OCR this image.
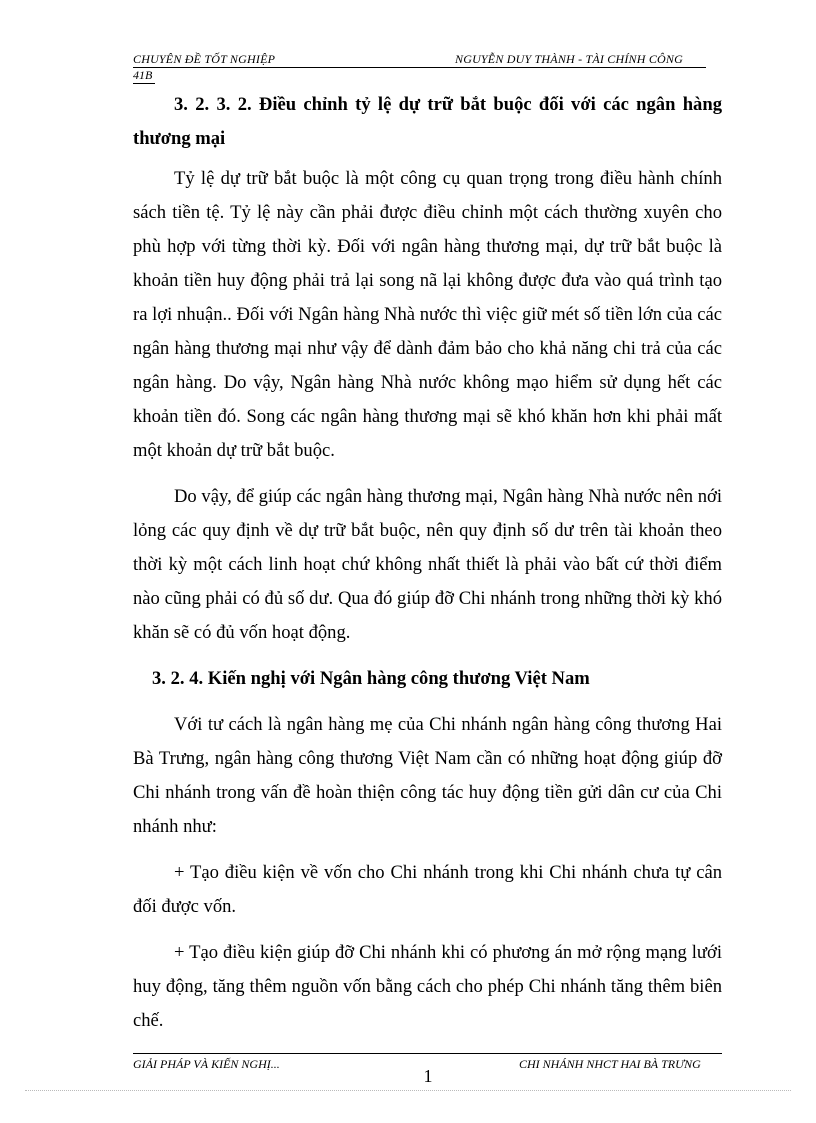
CHUYÊN ĐỀ TỐT NGHIỆP	NGUYỄN DUY THÀNH - TÀI CHÍNH CÔNG
41B

3. 2. 3. 2. Điều chỉnh tỷ lệ dự trữ bắt buộc đối với các ngân hàng thương mại

Tỷ lệ dự trữ bắt buộc là một công cụ quan trọng trong điều hành chính sách tiền tệ. Tỷ lệ này cần phải được điều chỉnh một cách thường xuyên cho phù hợp với từng thời kỳ. Đối với ngân hàng thương mại, dự trữ bắt buộc là khoản tiền huy động phải trả lại song nã lại không được đưa vào quá trình tạo ra lợi nhuận.. Đối với Ngân hàng Nhà nước thì việc giữ mét số tiền lớn của các ngân hàng thương mại như vậy để dành đảm bảo cho khả năng chi trả của các ngân hàng. Do vậy, Ngân hàng Nhà nước không mạo hiểm sử dụng hết các khoản tiền đó. Song các ngân hàng thương mại sẽ khó khăn hơn khi phải mất một khoản dự trữ bắt buộc.

Do vậy, để giúp các ngân hàng thương mại, Ngân hàng Nhà nước nên nới lỏng các quy định về dự trữ bắt buộc, nên quy định số dư trên tài khoản theo thời kỳ một cách linh hoạt chứ không nhất thiết là phải vào bất cứ thời điểm nào cũng phải có đủ số dư. Qua đó giúp đỡ Chi nhánh trong những thời kỳ khó khăn sẽ có đủ vốn hoạt động.

3. 2. 4. Kiến nghị với Ngân hàng công thương Việt Nam

Với tư cách là ngân hàng mẹ của Chi nhánh ngân hàng công thương Hai Bà Trưng, ngân hàng công thương Việt Nam cần có những hoạt động giúp đỡ Chi nhánh trong vấn đề hoàn thiện công tác huy động tiền gửi dân cư của Chi nhánh như:

+ Tạo điều kiện về vốn cho Chi nhánh trong khi Chi nhánh chưa tự cân đối được vốn.

+ Tạo điều kiện giúp đỡ Chi nhánh khi có phương án mở rộng mạng lưới huy động, tăng thêm nguồn vốn bằng cách cho phép Chi nhánh tăng thêm biên chế.

GIẢI PHÁP VÀ KIẾN NGHỊ...	CHI NHÁNH NHCT HAI BÀ TRƯNG
1
